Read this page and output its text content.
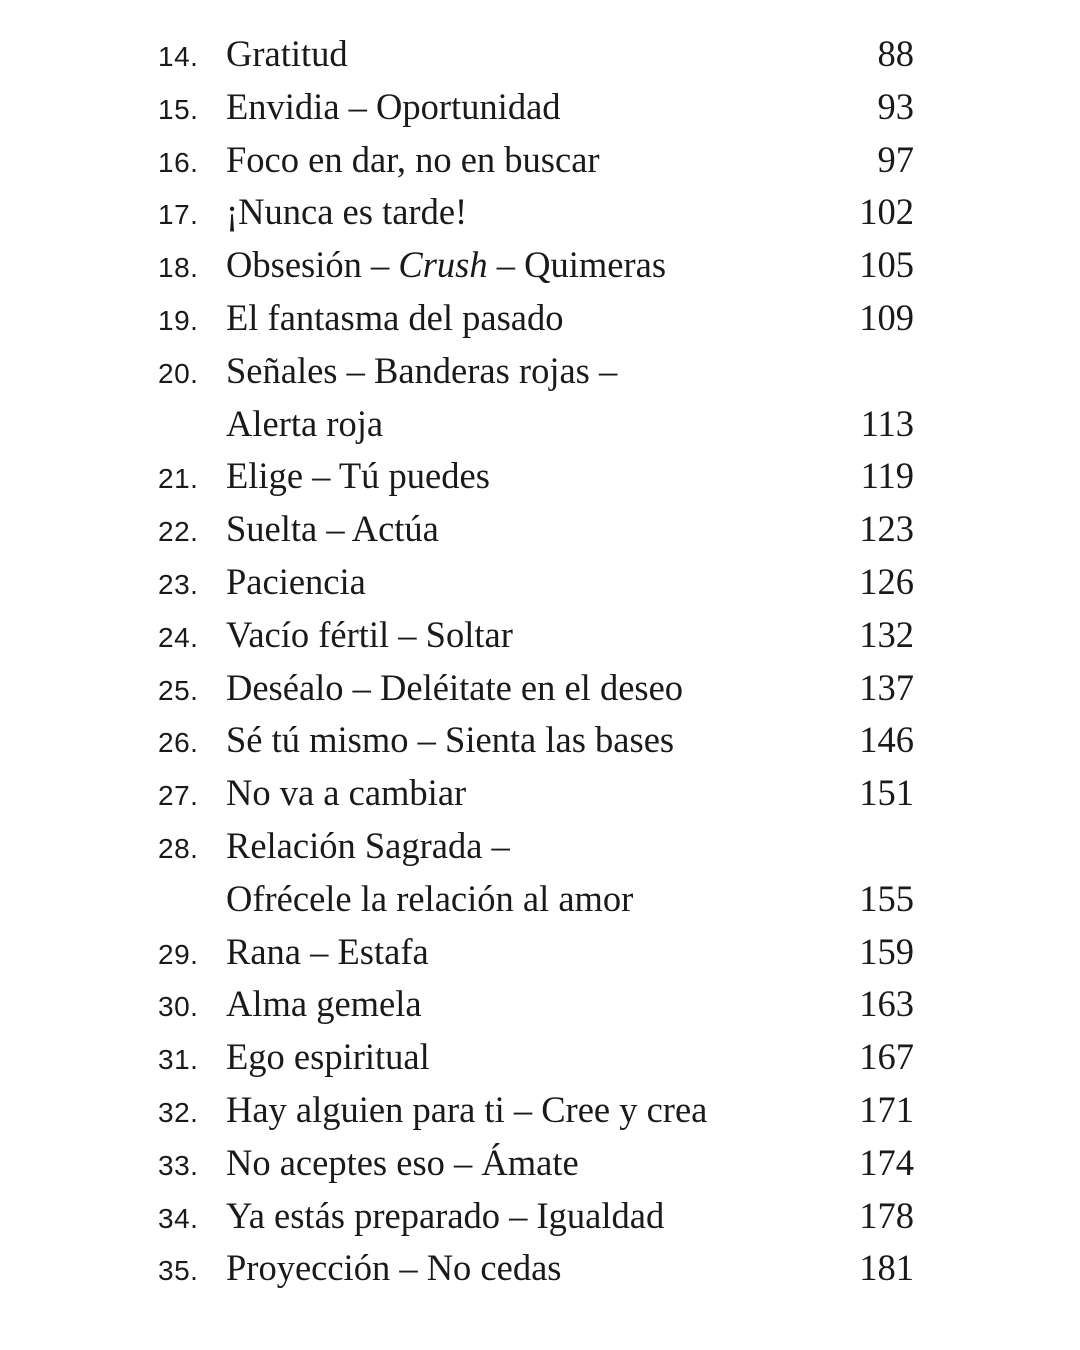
14. Gratitud	88
15. Envidia – Oportunidad	93
16. Foco en dar, no en buscar	97
17. ¡Nunca es tarde!	102
18. Obsesión – Crush – Quimeras	105
19. El fantasma del pasado	109
20. Señales – Banderas rojas –
Alerta roja	113
21. Elige – Tú puedes	119
22. Suelta – Actúa	123
23. Paciencia	126
24. Vacío fértil – Soltar	132
25. Deséalo – Deléitate en el deseo	137
26. Sé tú mismo – Sienta las bases	146
27. No va a cambiar	151
28. Relación Sagrada –
Ofrécele la relación al amor	155
29. Rana – Estafa	159
30. Alma gemela	163
31. Ego espiritual	167
32. Hay alguien para ti – Cree y crea	171
33. No aceptes eso – Ámate	174
34. Ya estás preparado – Igualdad	178
35. Proyección – No cedas	181
